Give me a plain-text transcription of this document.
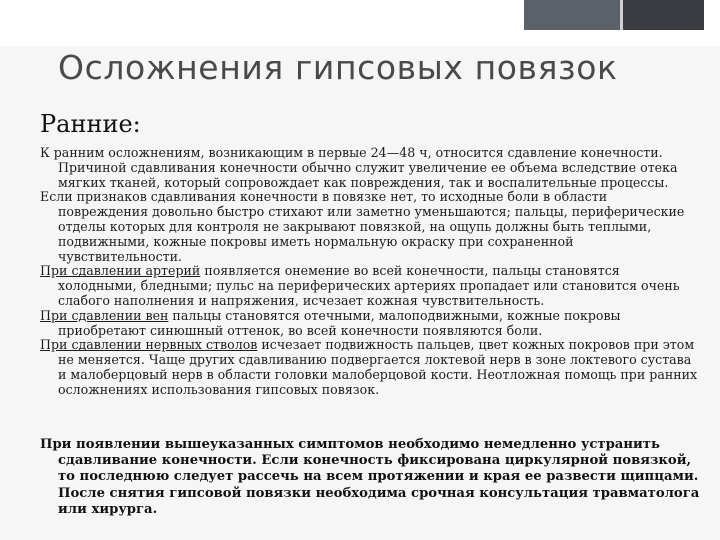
Осложнения гипсовых повязок
Ранние:

К ранним осложнениям, возникающим в первые 24—48 ч, относится сдавление конечности. Причиной сдавливания конечности обычно служит увеличение ее объема вследствие отека мягких тканей, который сопровождает как повреждения, так и воспалительные процессы.

Если признаков сдавливания конечности в повязке нет, то исходные боли в области повреждения довольно быстро стихают или заметно уменьшаются; пальцы, периферические отделы которых для контроля не закрывают повязкой, на ощупь должны быть теплыми, подвижными, кожные покровы иметь нормальную окраску при сохраненной чувствительности.

При сдавлении артерий появляется онемение во всей конечности, пальцы становятся холодными, бледными; пульс на периферических артериях пропадает или становится очень слабого наполнения и напряжения, исчезает кожная чувствительность.

При сдавлении вен пальцы становятся отечными, малоподвижными, кожные покровы приобретают синюшный оттенок, во всей конечности появляются боли.

При сдавлении нервных стволов исчезает подвижность пальцев, цвет кожных покровов при этом не меняется. Чаще других сдавливанию подвергается локтевой нерв в зоне локтевого сустава и малоберцовый нерв в области головки малоберцовой кости. Неотложная помощь при ранних осложнениях использования гипсовых повязок.

При появлении вышеуказанных симптомов необходимо немедленно устранить сдавливание конечности. Если конечность фиксирована циркулярной повязкой, то последнюю следует рассечь на всем протяжении и края ее развести щипцами. После снятия гипсовой повязки необходима срочная консультация травматолога или хирурга.
